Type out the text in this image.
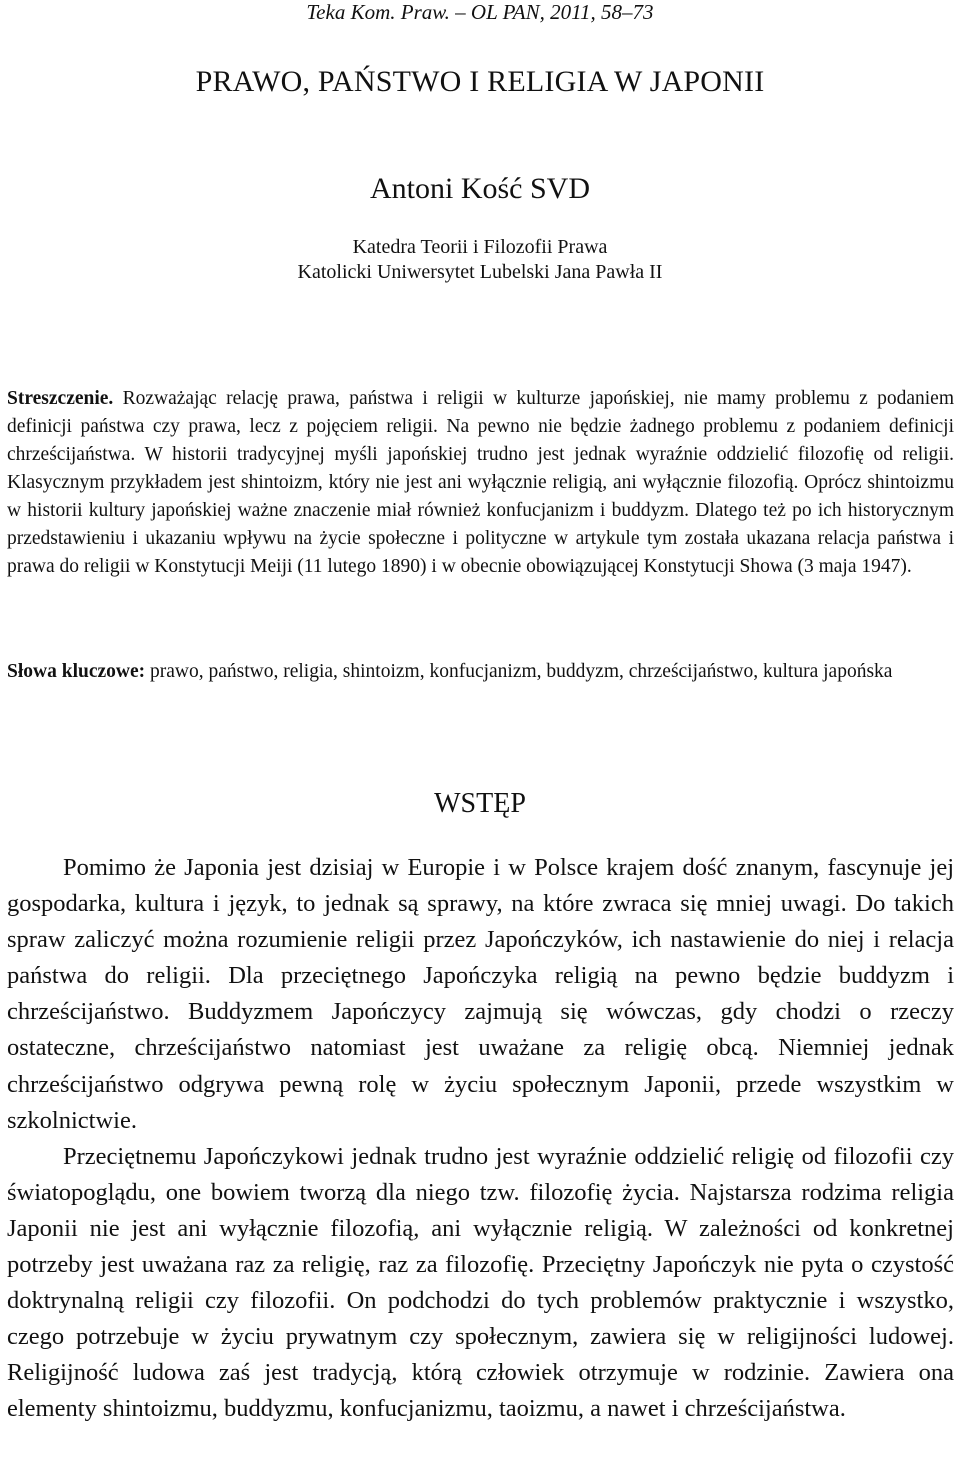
Teka Kom. Praw. – OL PAN, 2011, 58–73
PRAWO, PAŃSTWO I RELIGIA W JAPONII
Antoni Kość SVD
Katedra Teorii i Filozofii Prawa
Katolicki Uniwersytet Lubelski Jana Pawła II
Streszczenie. Rozważając relację prawa, państwa i religii w kulturze japońskiej, nie mamy problemu z podaniem definicji państwa czy prawa, lecz z pojęciem religii. Na pewno nie będzie żadnego problemu z podaniem definicji chrześcijaństwa. W historii tradycyjnej myśli japońskiej trudno jest jednak wyraźnie oddzielić filozofię od religii. Klasycznym przykładem jest shintoizm, który nie jest ani wyłącznie religią, ani wyłącznie filozofią. Oprócz shintoizmu w historii kultury japońskiej ważne znaczenie miał również konfucjanizm i buddyzm. Dlatego też po ich historycznym przedstawieniu i ukazaniu wpływu na życie społeczne i polityczne w artykule tym została ukazana relacja państwa i prawa do religii w Konstytucji Meiji (11 lutego 1890) i w obecnie obowiązującej Konstytucji Showa (3 maja 1947).
Słowa kluczowe: prawo, państwo, religia, shintoizm, konfucjanizm, buddyzm, chrześcijaństwo, kultura japońska
WSTĘP

Pomimo że Japonia jest dzisiaj w Europie i w Polsce krajem dość znanym, fascynuje jej gospodarka, kultura i język, to jednak są sprawy, na które zwraca się mniej uwagi. Do takich spraw zaliczyć można rozumienie religii przez Japończyków, ich nastawienie do niej i relacja państwa do religii. Dla przeciętnego Japończyka religią na pewno będzie buddyzm i chrześcijaństwo. Buddyzmem Japończycy zajmują się wówczas, gdy chodzi o rzeczy ostateczne, chrześcijaństwo natomiast jest uważane za religię obcą. Niemniej jednak chrześcijaństwo odgrywa pewną rolę w życiu społecznym Japonii, przede wszystkim w szkolnictwie.

Przeciętnemu Japończykowi jednak trudno jest wyraźnie oddzielić religię od filozofii czy światopoglądu, one bowiem tworzą dla niego tzw. filozofię życia. Najstarsza rodzima religia Japonii nie jest ani wyłącznie filozofią, ani wyłącznie religią. W zależności od konkretnej potrzeby jest uważana raz za religię, raz za filozofię. Przeciętny Japończyk nie pyta o czystość doktrynalną religii czy filozofii. On podchodzi do tych problemów praktycznie i wszystko, czego potrzebuje w życiu prywatnym czy społecznym, zawiera się w religijności ludowej. Religijność ludowa zaś jest tradycją, którą człowiek otrzymuje w rodzinie. Zawiera ona elementy shintoizmu, buddyzmu, konfucjanizmu, taoizmu, a nawet i chrześcijaństwa.
